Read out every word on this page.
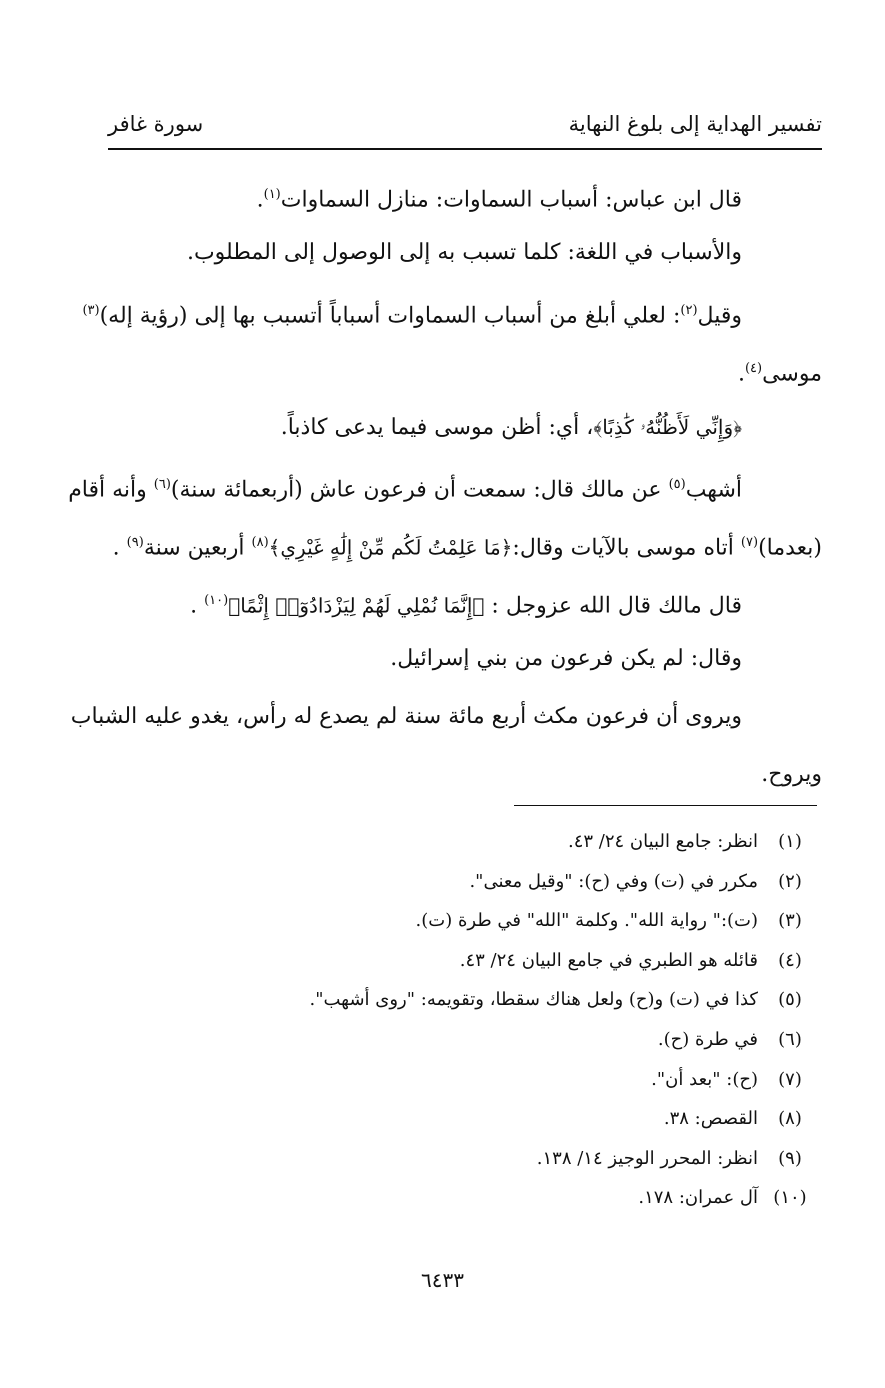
تفسير الهداية إلى بلوغ النهاية
سورة غافر
قال ابن عباس: أسباب السماوات: منازل السماوات$^{(١)}$.
والأسباب في اللغة: كلما تسبب به إلى الوصول إلى المطلوب.
وقيل$^{(٢)}$: لعلي أبلغ من أسباب السماوات أسباباً أتسبب بها إلى (رؤية إله)$^{(٣)}$
موسى$^{(٤)}$.
﴿وَإِنِّي لَأَظُنُّهُۥ كَٰذِبًا﴾، أي: أظن موسى فيما يدعى كاذباً.
أشهب$^{(٥)}$ عن مالك قال: سمعت أن فرعون عاش (أربعمائة سنة)$^{(٦)}$ وأنه أقام
(بعدما)$^{(٧)}$ أتاه موسى بالآيات وقال:﴿مَا عَلِمْتُ لَكُم مِّنْ إِلَٰهٍ غَيْرِي﴾$^{(٨)}$ أربعين سنة$^{(٩)}$ .
قال مالك قال الله عزوجل : ﴿إِنَّمَا نُمْلِي لَهُمْ لِيَزْدَادُوٓا۟ إِثْمًا﴾$^{(١٠)}$ .
وقال: لم يكن فرعون من بني إسرائيل.
ويروى أن فرعون مكث أربع مائة سنة لم يصدع له رأس، يغدو عليه الشباب
ويروح.
(١)انظر: جامع البيان ٢٤/ ٤٣.
(٢)مكرر في (ت) وفي (ح): "وقيل معنى".
(٣)(ت):" رواية الله". وكلمة "الله" في طرة (ت).
(٤)قائله هو الطبري في جامع البيان ٢٤/ ٤٣.
(٥)كذا في (ت) و(ح) ولعل هناك سقطا، وتقويمه: "روى أشهب".
(٦)في طرة (ح).
(٧)(ح): "بعد أن".
(٨)القصص: ٣٨.
(٩)انظر: المحرر الوجيز ١٤/ ١٣٨.
(١٠)آل عمران: ١٧٨.
٦٤٣٣
